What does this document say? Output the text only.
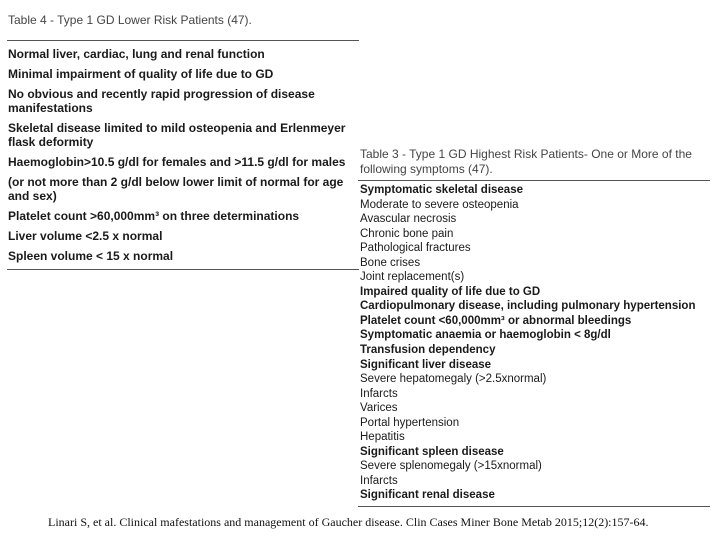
Table 4 - Type 1 GD Lower Risk Patients (47).
Normal liver, cardiac, lung and renal function
Minimal impairment of quality of life due to GD
No obvious and recently rapid progression of disease manifestations
Skeletal disease limited to mild osteopenia and Erlenmeyer flask deformity
Haemoglobin>10.5 g/dl for females and >11.5 g/dl for males
(or not more than 2 g/dl below lower limit of normal for age and sex)
Platelet count >60,000mm³ on three determinations
Liver volume <2.5 x normal
Spleen volume < 15 x normal
Table 3 - Type 1 GD Highest Risk Patients- One or More of the following symptoms (47).
Symptomatic skeletal disease
Moderate to severe osteopenia
Avascular necrosis
Chronic bone pain
Pathological fractures
Bone crises
Joint replacement(s)
Impaired quality of life due to GD
Cardiopulmonary disease, including pulmonary hypertension
Platelet count <60,000mm³ or abnormal bleedings
Symptomatic anaemia or haemoglobin < 8g/dl
Transfusion dependency
Significant liver disease
Severe hepatomegaly (>2.5xnormal)
Infarcts
Varices
Portal hypertension
Hepatitis
Significant spleen disease
Severe splenomegaly (>15xnormal)
Infarcts
Significant renal disease
Linari S, et al. Clinical mafestations and management of Gaucher disease. Clin Cases Miner Bone Metab 2015;12(2):157-64.
